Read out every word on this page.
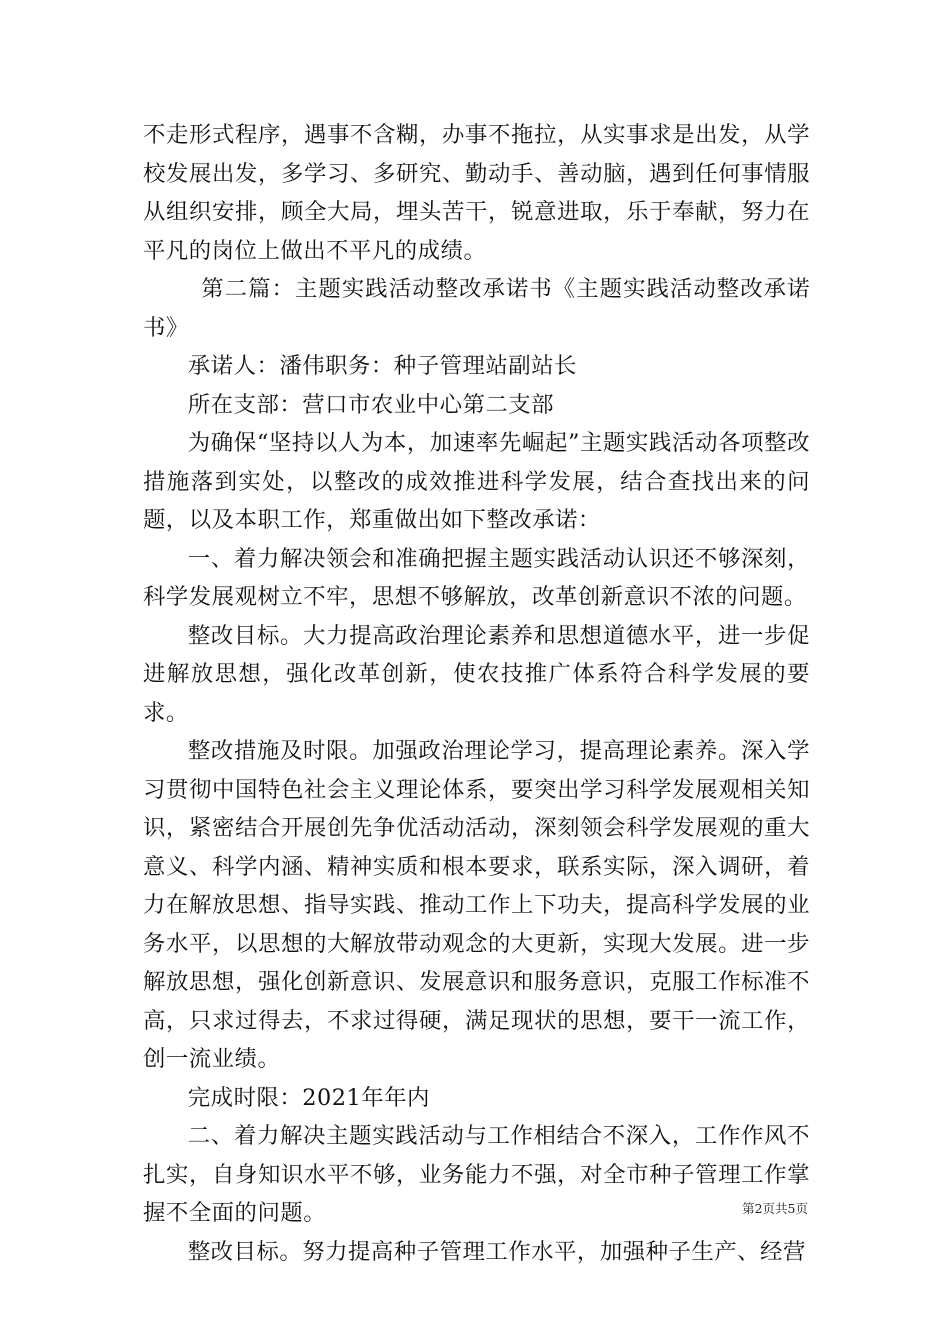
不走形式程序，遇事不含糊，办事不拖拉，从实事求是出发，从学校发展出发，多学习、多研究、勤动手、善动脑，遇到任何事情服从组织安排，顾全大局，埋头苦干，锐意进取，乐于奉献，努力在平凡的岗位上做出不平凡的成绩。

第二篇：主题实践活动整改承诺书《主题实践活动整改承诺书》

承诺人：潘伟职务：种子管理站副站长

所在支部：营口市农业中心第二支部

为确保“坚持以人为本，加速率先崛起”主题实践活动各项整改措施落到实处，以整改的成效推进科学发展，结合查找出来的问题，以及本职工作，郑重做出如下整改承诺：

一、着力解决领会和准确把握主题实践活动认识还不够深刻，科学发展观树立不牢，思想不够解放，改革创新意识不浓的问题。

整改目标。大力提高政治理论素养和思想道德水平，进一步促进解放思想，强化改革创新，使农技推广体系符合科学发展的要求。

整改措施及时限。加强政治理论学习，提高理论素养。深入学习贯彻中国特色社会主义理论体系，要突出学习科学发展观相关知识，紧密结合开展创先争优活动活动，深刻领会科学发展观的重大意义、科学内涵、精神实质和根本要求，联系实际，深入调研，着力在解放思想、指导实践、推动工作上下功夫，提高科学发展的业务水平，以思想的大解放带动观念的大更新，实现大发展。进一步解放思想，强化创新意识、发展意识和服务意识，克服工作标准不高，只求过得去，不求过得硬，满足现状的思想，要干一流工作，创一流业绩。

完成时限：2021年年内

二、着力解决主题实践活动与工作相结合不深入，工作作风不扎实，自身知识水平不够，业务能力不强，对全市种子管理工作掌握不全面的问题。

整改目标。努力提高种子管理工作水平，加强种子生产、经营

第2页共5页
